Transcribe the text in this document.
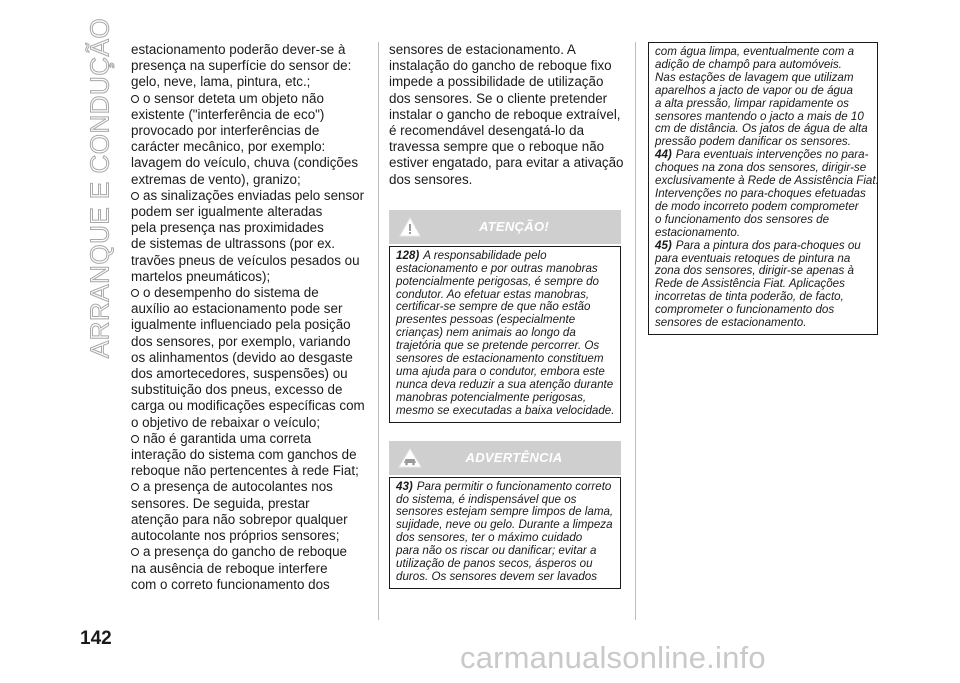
ARRANQUE E CONDUÇÃO
142
estacionamento poderão dever-se à
presença na superfície do sensor de:
gelo, neve, lama, pintura, etc.;
o sensor deteta um objeto não
existente ("interferência de eco")
provocado por interferências de
carácter mecânico, por exemplo:
lavagem do veículo, chuva (condições
extremas de vento), granizo;
as sinalizações enviadas pelo sensor
podem ser igualmente alteradas
pela presença nas proximidades
de sistemas de ultrassons (por ex.
travões pneus de veículos pesados ou
martelos pneumáticos);
o desempenho do sistema de
auxílio ao estacionamento pode ser
igualmente influenciado pela posição
dos sensores, por exemplo, variando
os alinhamentos (devido ao desgaste
dos amortecedores, suspensões) ou
substituição dos pneus, excesso de
carga ou modificações específicas com
o objetivo de rebaixar o veículo;
não é garantida uma correta
interação do sistema com ganchos de
reboque não pertencentes à rede Fiat;
a presença de autocolantes nos
sensores. De seguida, prestar
atenção para não sobrepor qualquer
autocolante nos próprios sensores;
a presença do gancho de reboque
na ausência de reboque interfere
com o correto funcionamento dos
sensores de estacionamento. A
instalação do gancho de reboque fixo
impede a possibilidade de utilização
dos sensores. Se o cliente pretender
instalar o gancho de reboque extraível,
é recomendável desengatá-lo da
travessa sempre que o reboque não
estiver engatado, para evitar a ativação
dos sensores.
ATENÇÃO!
128) A responsabilidade pelo
estacionamento e por outras manobras
potencialmente perigosas, é sempre do
condutor. Ao efetuar estas manobras,
certificar-se sempre de que não estão
presentes pessoas (especialmente
crianças) nem animais ao longo da
trajetória que se pretende percorrer. Os
sensores de estacionamento constituem
uma ajuda para o condutor, embora este
nunca deva reduzir a sua atenção durante
manobras potencialmente perigosas,
mesmo se executadas a baixa velocidade.
ADVERTÊNCIA
43) Para permitir o funcionamento correto
do sistema, é indispensável que os
sensores estejam sempre limpos de lama,
sujidade, neve ou gelo. Durante a limpeza
dos sensores, ter o máximo cuidado
para não os riscar ou danificar; evitar a
utilização de panos secos, ásperos ou
duros. Os sensores devem ser lavados
com água limpa, eventualmente com a
adição de champô para automóveis.
Nas estações de lavagem que utilizam
aparelhos a jacto de vapor ou de água
a alta pressão, limpar rapidamente os
sensores mantendo o jacto a mais de 10
cm de distância. Os jatos de água de alta
pressão podem danificar os sensores.
44) Para eventuais intervenções no para-
choques na zona dos sensores, dirigir-se
exclusivamente à Rede de Assistência Fiat.
Intervenções no para-choques efetuadas
de modo incorreto podem comprometer
o funcionamento dos sensores de
estacionamento.
45) Para a pintura dos para-choques ou
para eventuais retoques de pintura na
zona dos sensores, dirigir-se apenas à
Rede de Assistência Fiat. Aplicações
incorretas de tinta poderão, de facto,
comprometer o funcionamento dos
sensores de estacionamento.
carmanualsonline.info
